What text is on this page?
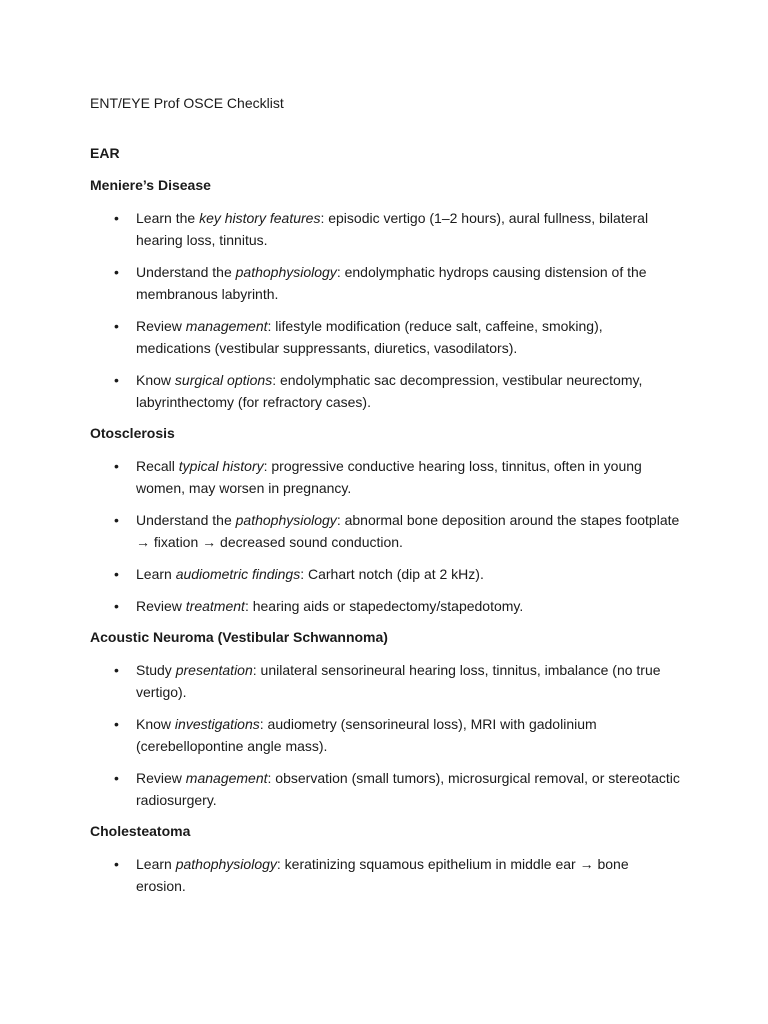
ENT/EYE Prof OSCE Checklist
EAR
Meniere’s Disease
• Learn the key history features: episodic vertigo (1–2 hours), aural fullness, bilateral hearing loss, tinnitus.
• Understand the pathophysiology: endolymphatic hydrops causing distension of the membranous labyrinth.
• Review management: lifestyle modification (reduce salt, caffeine, smoking), medications (vestibular suppressants, diuretics, vasodilators).
• Know surgical options: endolymphatic sac decompression, vestibular neurectomy, labyrinthectomy (for refractory cases).
Otosclerosis
• Recall typical history: progressive conductive hearing loss, tinnitus, often in young women, may worsen in pregnancy.
• Understand the pathophysiology: abnormal bone deposition around the stapes footplate → fixation → decreased sound conduction.
• Learn audiometric findings: Carhart notch (dip at 2 kHz).
• Review treatment: hearing aids or stapedectomy/stapedotomy.
Acoustic Neuroma (Vestibular Schwannoma)
• Study presentation: unilateral sensorineural hearing loss, tinnitus, imbalance (no true vertigo).
• Know investigations: audiometry (sensorineural loss), MRI with gadolinium (cerebellopontine angle mass).
• Review management: observation (small tumors), microsurgical removal, or stereotactic radiosurgery.
Cholesteatoma
• Learn pathophysiology: keratinizing squamous epithelium in middle ear → bone erosion.
